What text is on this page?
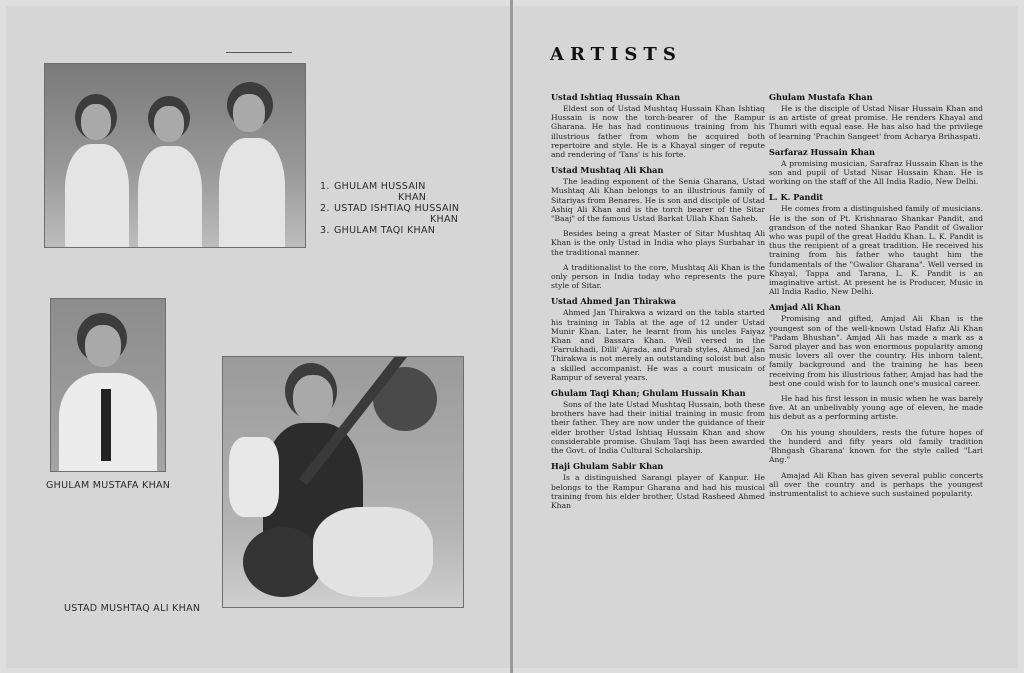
1. GHULAM HUSSAIN
KHAN
2. USTAD ISHTIAQ HUSSAIN
KHAN
3. GHULAM TAQI KHAN
GHULAM MUSTAFA KHAN
USTAD MUSHTAQ ALI KHAN
ARTISTS
Ustad Ishtiaq Hussain Khan

Eldest son of Ustad Mushtaq Hussain Khan Ishtiaq Hussain is now the torch-bearer of the Rampur Gharana. He has had continuous training from his illustrious father from whom he acquired both repertoire and style. He is a Khayal singer of repute and rendering of 'Tans' is his forte.

Ustad Mushtaq Ali Khan

The leading exponent of the Senia Gharana, Ustad Mushtaq Ali Khan belongs to an illustrious family of Sitariyas from Benares. He is son and disciple of Ustad Ashiq Ali Khan and is the torch bearer of the Sitar "Baaj" of the famous Ustad Barkat Ullah Khan Saheb.

Besides being a great Master of Sitar Mushtaq Ali Khan is the only Ustad in India who plays Surbahar in the traditional manner.

A traditionalist to the core, Mushtaq Ali Khan is the only person in India today who represents the pure style of Sitar.

Ustad Ahmed Jan Thirakwa

Ahmed Jan Thirakwa a wizard on the tabla started his training in Tabla at the age of 12 under Ustad Munir Khan. Later, he learnt from his uncles Faiyaz Khan and Bassara Khan. Well versed in the 'Farrukhadi, Dilli' Ajrada, and Purab styles, Ahmed Jan Thirakwa is not merely an outstanding soloist but also a skilled accompanist. He was a court musicain of Rampur of several years.

Ghulam Taqi Khan; Ghulam Hussain Khan

Sons of the late Ustad Mushtaq Hussain, both these brothers have had their initial training in music from their father. They are now under the guidance of their elder brother Ustad Ishtiaq Hussain Khan and show considerable promise. Ghulam Taqi has been awarded the Govt. of India Cultural Scholarship.

Haji Ghulam Sabir Khan

Is a distinguished Sarangi player of Kanpur. He belongs to the Rampur Gharana and had his musical training from his elder brother, Ustad Rasheed Ahmed Khan

Ghulam Mustafa Khan

He is the disciple of Ustad Nisar Hussain Khan and is an artiste of great promise. He renders Khayal and Thumri with equal ease. He has also had the privilege of learning 'Prachin Sangeet' from Acharya Brihaspati.

Sarfaraz Hussain Khan

A promising musician, Sarafraz Hussain Khan is the son and pupil of Ustad Nisar Hussain Khan. He is working on the staff of the All India Radio, New Delhi.

L. K. Pandit

He comes from a distinguished family of musicians. He is the son of Pt. Krishnarao Shankar Pandit, and grandson of the noted Shankar Rao Pandit of Gwalior who was pupil of the great Haddu Khan. L. K. Pandit is thus the recipient of a great tradition. He received his training from his father who taught him the fundamentals of the "Gwalior Gharana". Well versed in Khayal, Tappa and Tarana, L. K. Pandit is an imaginative artist. At present he is Producer, Music in All India Radio, New Delhi.

Amjad Ali Khan

Promising and gifted, Amjad Ali Khan is the youngest son of the well-known Ustad Hafiz Ali Khan "Padam Bhushan". Amjad Ali has made a mark as a Sarod player and has won enormous popularity among music lovers all over the country. His inborn talent, family background and the training he has been receiving from his illustrious father, Amjad has had the best one could wish for to launch one's musical career.

He had his first lesson in music when he was barely five. At an unbelivably young age of eleven, he made his debut as a performing artiste.

On his young shoulders, rests the future hopes of the hunderd and fifty years old family tradition 'Bhngash Gharana' known for the style called "Lari Ang."

Amajad Ali Khan has given several public concerts all over the country and is perhaps the youngest instrumentalist to achieve such sustained popularity.
